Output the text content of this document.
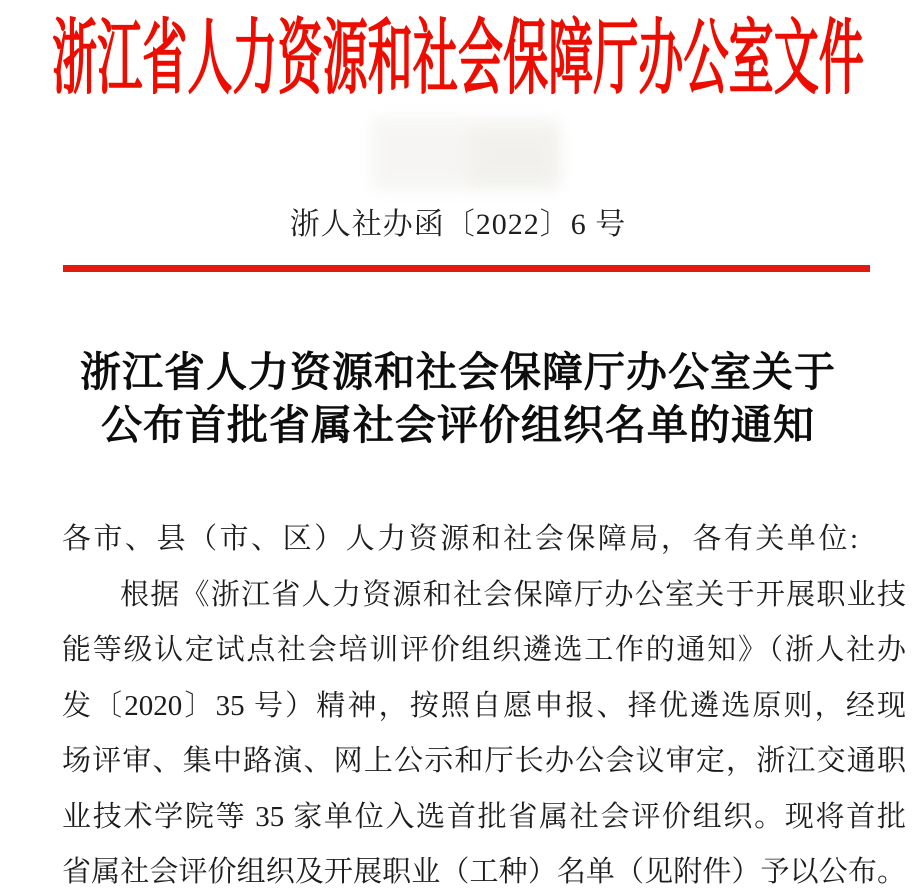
浙江省人力资源和社会保障厅办公室文件
浙人社办函〔2022〕6 号
浙江省人力资源和社会保障厅办公室关于
公布首批省属社会评价组织名单的通知
各市、县（市、区）人力资源和社会保障局，各有关单位:
根据《浙江省人力资源和社会保障厅办公室关于开展职业技
能等级认定试点社会培训评价组织遴选工作的通知》（浙人社办
发〔2020〕35 号）精神，按照自愿申报、择优遴选原则，经现
场评审、集中路演、网上公示和厅长办公会议审定，浙江交通职
业技术学院等 35 家单位入选首批省属社会评价组织。现将首批
省属社会评价组织及开展职业（工种）名单（见附件）予以公布。
